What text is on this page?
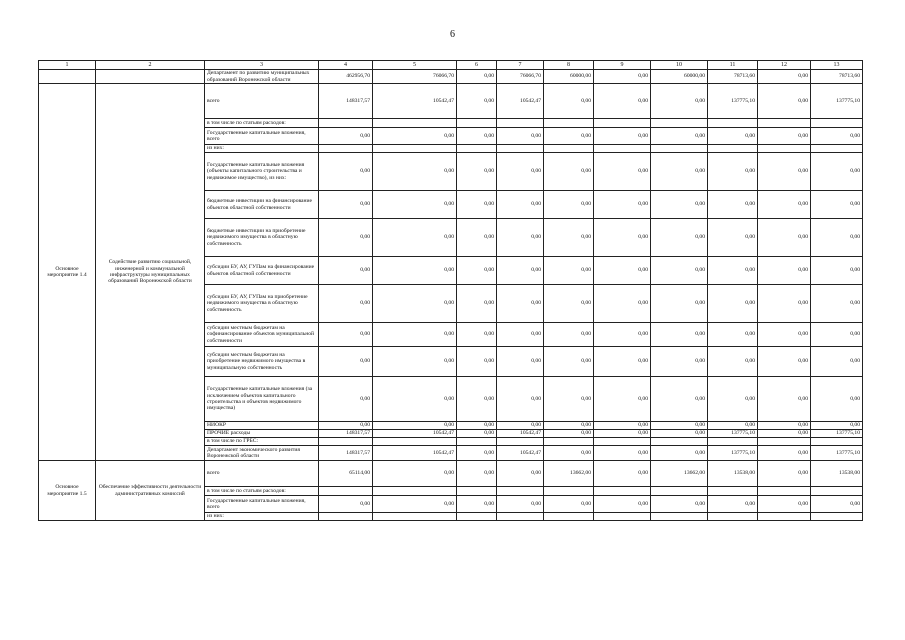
6
1	2	3	4	5	6	7	8	9	10	11	12	13
		Департамент по развитию муниципальных образований Воронежской области	462956,70	76066,70	0,00	76066,70	60000,00	0,00	60000,00	78713,60	0,00	78713,60
Основное мероприятие 1.4	Содействие развитию социальной, инженерной и коммунальной инфраструктуры муниципальных образований Воронежской области	всего	148317,57	10542,47	0,00	10542,47	0,00	0,00	0,00	137775,10	0,00	137775,10
		в том числе по статьям расходов:										
		Государственные капитальные вложения, всего	0,00	0,00	0,00	0,00	0,00	0,00	0,00	0,00	0,00	0,00
		из них:										
		Государственные капитальные вложения (объекты капитального строительства и недвижимое имущество), из них:	0,00	0,00	0,00	0,00	0,00	0,00	0,00	0,00	0,00	0,00
		бюджетные инвестиции на финансирование объектов областной собственности	0,00	0,00	0,00	0,00	0,00	0,00	0,00	0,00	0,00	0,00
		бюджетные инвестиции на приобретение недвижимого имущества в областную собственность	0,00	0,00	0,00	0,00	0,00	0,00	0,00	0,00	0,00	0,00
		субсидии БУ, АУ, ГУПам на финансирование объектов областной собственности	0,00	0,00	0,00	0,00	0,00	0,00	0,00	0,00	0,00	0,00
		субсидии БУ, АУ, ГУПам на приобретение недвижимого имущества в областную собственность	0,00	0,00	0,00	0,00	0,00	0,00	0,00	0,00	0,00	0,00
		субсидии местным бюджетам на софинансирование объектов муниципальной собственности	0,00	0,00	0,00	0,00	0,00	0,00	0,00	0,00	0,00	0,00
		субсидии местным бюджетам на приобретение недвижимого имущества в муниципальную собственность	0,00	0,00	0,00	0,00	0,00	0,00	0,00	0,00	0,00	0,00
		Государственные капитальные вложения (за исключением объектов капитального строительства и объектов недвижимого имущества)	0,00	0,00	0,00	0,00	0,00	0,00	0,00	0,00	0,00	0,00
		НИОКР	0,00	0,00	0,00	0,00	0,00	0,00	0,00	0,00	0,00	0,00
		ПРОЧИЕ расходы	148317,57	10542,47	0,00	10542,47	0,00	0,00	0,00	137775,10	0,00	137775,10
		в том числе по ГРБС:										
		Департамент экономического развития Воронежской области	148317,57	10542,47	0,00	10542,47	0,00	0,00	0,00	137775,10	0,00	137775,10
Основное мероприятие 1.5	Обеспечение эффективности деятельности административных комиссий	всего	65114,00	0,00	0,00	0,00	13662,00	0,00	13662,00	13538,00	0,00	13538,00
		в том числе по статьям расходов:										
		Государственные капитальные вложения, всего	0,00	0,00	0,00	0,00	0,00	0,00	0,00	0,00	0,00	0,00
		из них:										
